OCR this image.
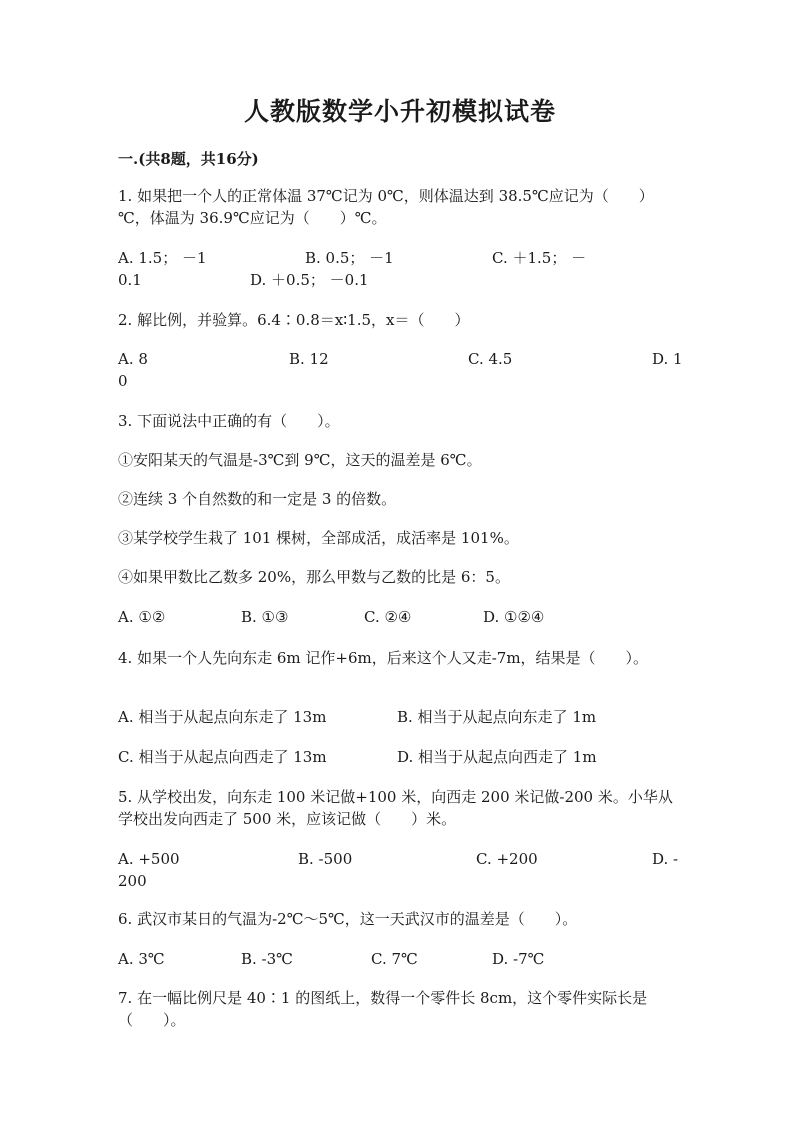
人教版数学小升初模拟试卷
一.(共8题，共16分)
1. 如果把一个人的正常体温 37℃记为 0℃，则体温达到 38.5℃应记为（　　）
℃，体温为 36.9℃应记为（　　）℃。
A. 1.5； －1	B. 0.5； －1	C. ＋1.5； －
0.1	D. ＋0.5； －0.1
2. 解比例，并验算。6.4∶0.8＝x∶1.5，x＝（　　）
A. 8	B. 12	C. 4.5	D. 1
0
3. 下面说法中正确的有（　　）。
①安阳某天的气温是-3℃到 9℃，这天的温差是 6℃。
②连续 3 个自然数的和一定是 3 的倍数。
③某学校学生栽了 101 棵树，全部成活，成活率是 101%。
④如果甲数比乙数多 20%，那么甲数与乙数的比是 6：5。
A. ①②	B. ①③	C. ②④	D. ①②④
4. 如果一个人先向东走 6m 记作+6m，后来这个人又走-7m，结果是（　　）。
A. 相当于从起点向东走了 13m	B. 相当于从起点向东走了 1m
C. 相当于从起点向西走了 13m	D. 相当于从起点向西走了 1m
5. 从学校出发，向东走 100 米记做+100 米，向西走 200 米记做-200 米。小华从
学校出发向西走了 500 米，应该记做（　　）米。
A. +500	B. -500	C. +200	D. -
200
6. 武汉市某日的气温为-2℃～5℃，这一天武汉市的温差是（　　）。
A. 3℃	B. -3℃	C. 7℃	D. -7℃
7. 在一幅比例尺是 40∶1 的图纸上，数得一个零件长 8cm，这个零件实际长是
（　　）。
